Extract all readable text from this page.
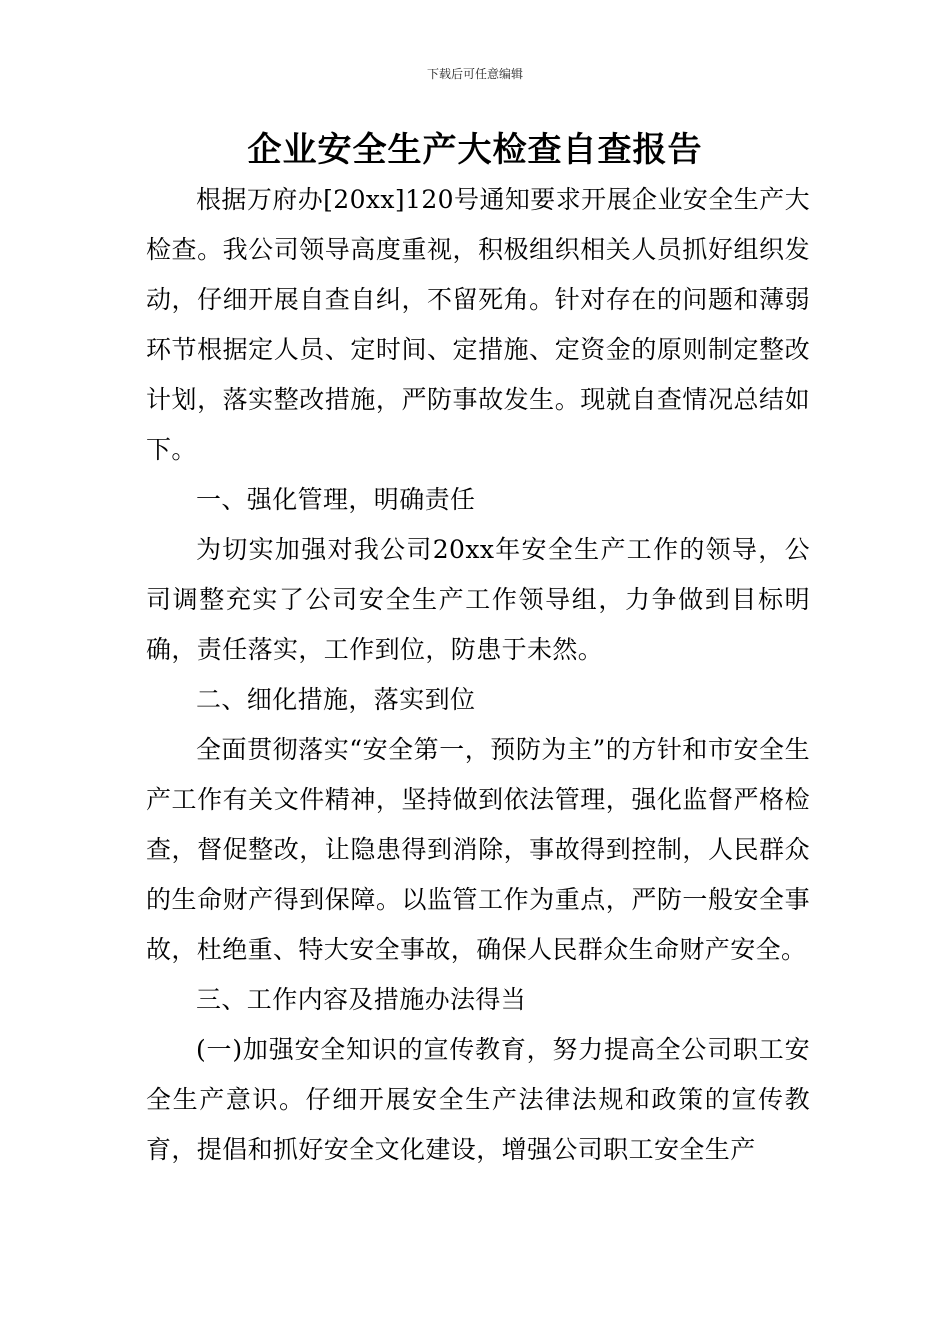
下载后可任意编辑
企业安全生产大检查自查报告

根据万府办[20xx]120号通知要求开展企业安全生产大检查。我公司领导高度重视，积极组织相关人员抓好组织发动，仔细开展自查自纠，不留死角。针对存在的问题和薄弱环节根据定人员、定时间、定措施、定资金的原则制定整改计划，落实整改措施，严防事故发生。现就自查情况总结如下。

一、强化管理，明确责任

为切实加强对我公司20xx年安全生产工作的领导，公司调整充实了公司安全生产工作领导组，力争做到目标明确，责任落实，工作到位，防患于未然。

二、细化措施，落实到位

全面贯彻落实“安全第一，预防为主”的方针和市安全生产工作有关文件精神，坚持做到依法管理，强化监督严格检查，督促整改，让隐患得到消除，事故得到控制，人民群众的生命财产得到保障。以监管工作为重点，严防一般安全事故，杜绝重、特大安全事故，确保人民群众生命财产安全。

三、工作内容及措施办法得当

(一)加强安全知识的宣传教育，努力提高全公司职工安全生产意识。仔细开展安全生产法律法规和政策的宣传教育，提倡和抓好安全文化建设，增强公司职工安全生产
